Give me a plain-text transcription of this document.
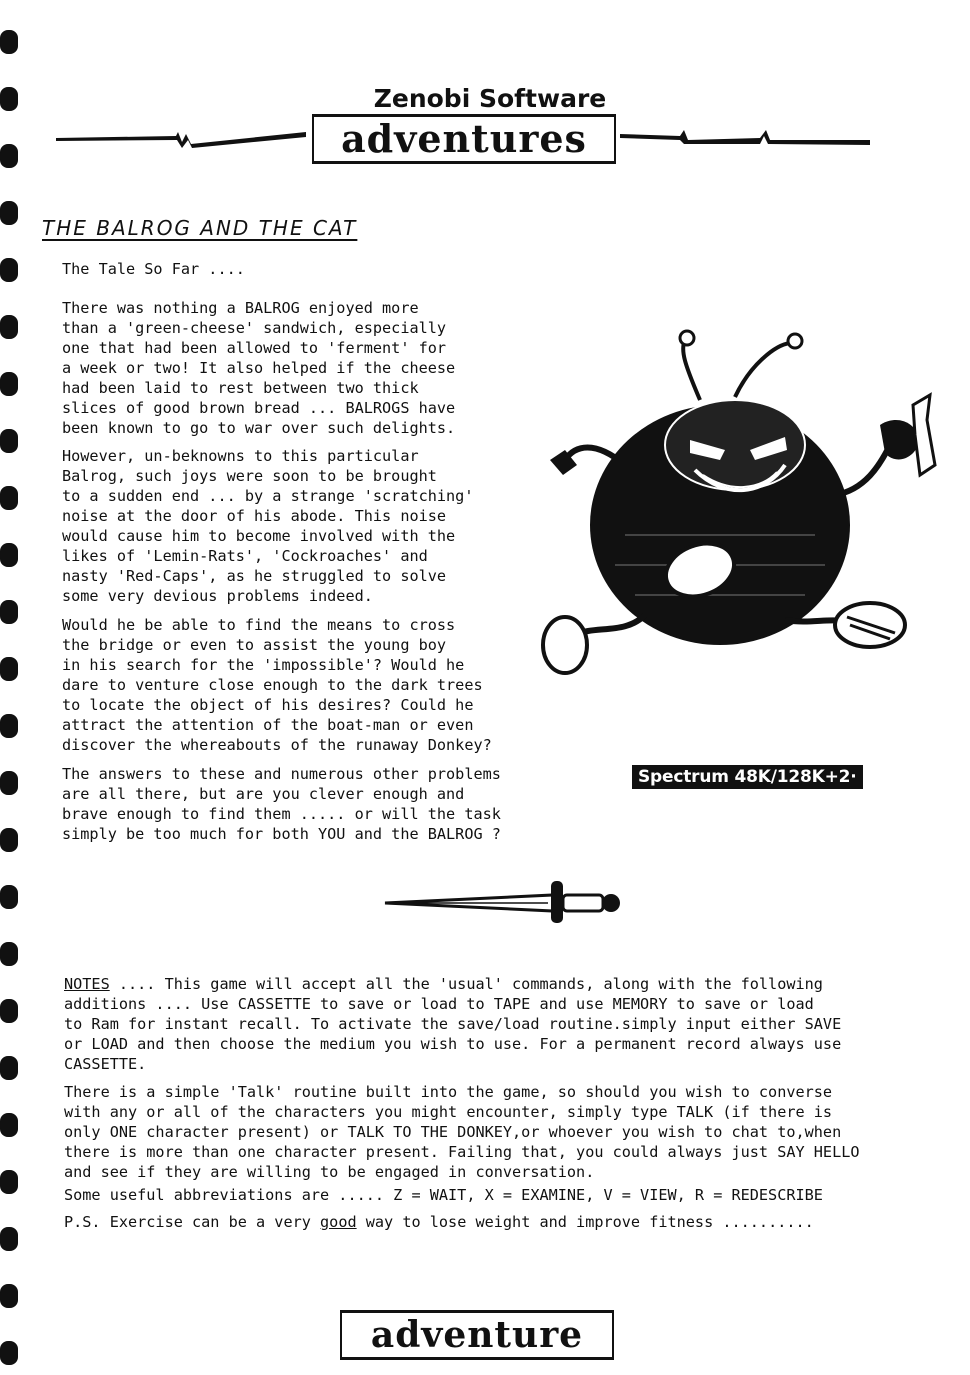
Zenobi Software
adventures
THE BALROG AND THE CAT
The Tale So Far ....
There was nothing a BALROG enjoyed more
than a 'green-cheese' sandwich, especially
one that had been allowed to 'ferment' for
a week or two! It also helped if the cheese
had been laid to rest between two thick
slices of good brown bread ... BALROGS have
been known to go to war over such delights.
However, un-beknowns to this particular
Balrog, such joys were soon to be brought
to a sudden end ... by a strange 'scratching'
noise at the door of his abode. This noise
would cause him to become involved with the
likes of 'Lemin-Rats', 'Cockroaches' and
nasty 'Red-Caps', as he struggled to solve
some very devious problems indeed.
Would he be able to find the means to cross
the bridge or even to assist the young boy
in his search for the 'impossible'? Would he
dare to venture close enough to the dark trees
to locate the object of his desires? Could he
attract the attention of the boat-man or even
discover the whereabouts of the runaway Donkey?
The answers to these and numerous other problems
are all there, but are you clever enough and
brave enough to find them ..... or will the task
simply be too much for both YOU and the BALROG ?
Spectrum 48K/128K+2·
NOTES .... This game will accept all the 'usual' commands, along with the following
additions .... Use CASSETTE to save or load to TAPE and use MEMORY to save or load
to Ram for instant recall. To activate the save/load routine.simply input either SAVE
or LOAD and then choose the medium you wish to use. For a permanent record always use
CASSETTE.
There is a simple 'Talk' routine built into the game, so should you wish to converse
with any or all of the characters you might encounter, simply type TALK (if there is
only ONE character present) or TALK TO THE DONKEY,or whoever you wish to chat to,when
there is more than one character present. Failing that, you could always just SAY HELLO
and see if they are willing to be engaged in conversation.
Some useful abbreviations are ..... Z = WAIT, X = EXAMINE, V = VIEW, R = REDESCRIBE
P.S. Exercise can be a very good way to lose weight and improve fitness ..........
adventure
